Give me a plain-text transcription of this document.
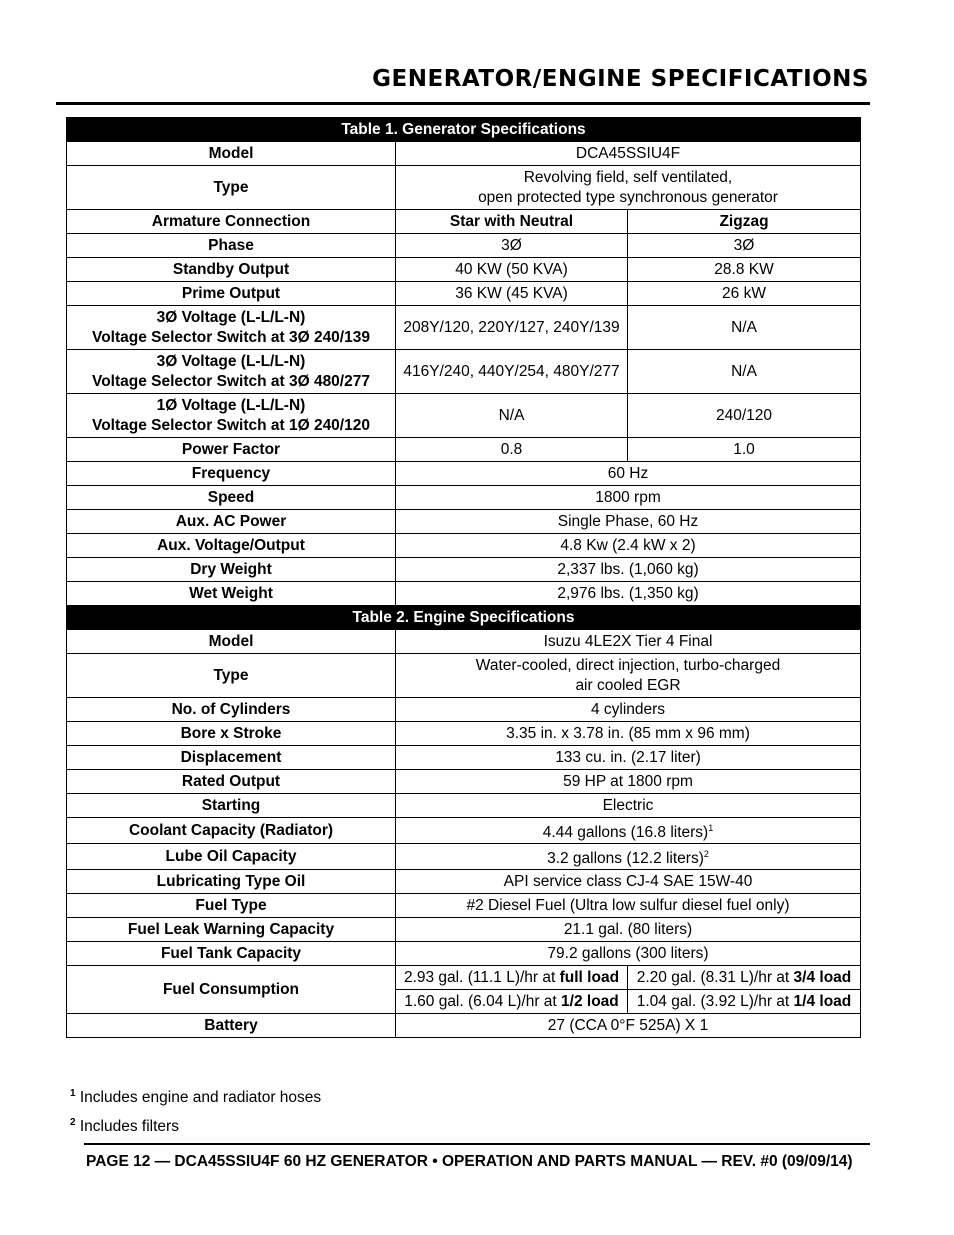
GENERATOR/ENGINE SPECIFICATIONS
Table 1. Generator Specifications		
Model	DCA45SSIU4F	
Type	Revolving field, self ventilated,
open protected type synchronous generator	

Armature Connection	Star with Neutral	Zigzag
Phase	3Ø	3Ø
Standby Output	40 KW (50 KVA)	28.8 KW
Prime Output	36 KW (45 KVA)	26 kW

3Ø Voltage (L-L/L-N)
Voltage Selector Switch at 3Ø 240/139	208Y/120, 220Y/127, 240Y/139	N/A

3Ø Voltage (L-L/L-N)
Voltage Selector Switch at 3Ø 480/277	416Y/240, 440Y/254, 480Y/277	N/A

1Ø Voltage (L-L/L-N)
Voltage Selector Switch at 1Ø 240/120	N/A	240/120
Power Factor	0.8	1.0
Frequency	60 Hz	
Speed	1800 rpm	
Aux. AC Power	Single Phase, 60 Hz	
Aux. Voltage/Output	4.8 Kw (2.4 kW x 2)	
Dry Weight	2,337 lbs. (1,060 kg)	
Wet Weight	2,976 lbs. (1,350 kg)	
Table 2. Engine Specifications		
Model	Isuzu 4LE2X Tier 4 Final	
Type	Water-cooled, direct injection, turbo-charged
air cooled EGR	

No. of Cylinders	4 cylinders	
Bore x Stroke	3.35 in. x 3.78 in. (85 mm x 96 mm)	
Displacement	133 cu. in. (2.17 liter)	
Rated Output	59 HP at 1800 rpm	
Starting	Electric	
Coolant Capacity (Radiator)	4.44 gallons (16.8 liters)$^1$
Lube Oil Capacity	3.2 gallons (12.2 liters)$^2$
Lubricating Type Oil	API service class CJ-4 SAE 15W-40	
Fuel Type	#2 Diesel Fuel (Ultra low sulfur diesel fuel only)	
Fuel Leak Warning Capacity	21.1 gal. (80 liters)	
Fuel Tank Capacity	79.2 gallons (300 liters)	
Fuel Consumption	2.93 gal. (11.1 L)/hr at full load	2.20 gal. (8.31 L)/hr at 3/4 load
	1.60 gal. (6.04 L)/hr at 1/2 load	1.04 gal. (3.92 L)/hr at 1/4 load
Battery	27 (CCA 0°F 525A) X 1	
$^1$ Includes engine and radiator hoses
$^2$ Includes filters
PAGE 12 — DCA45SSIU4F 60 HZ GENERATOR • OPERATION AND PARTS MANUAL — REV. #0 (09/09/14)
